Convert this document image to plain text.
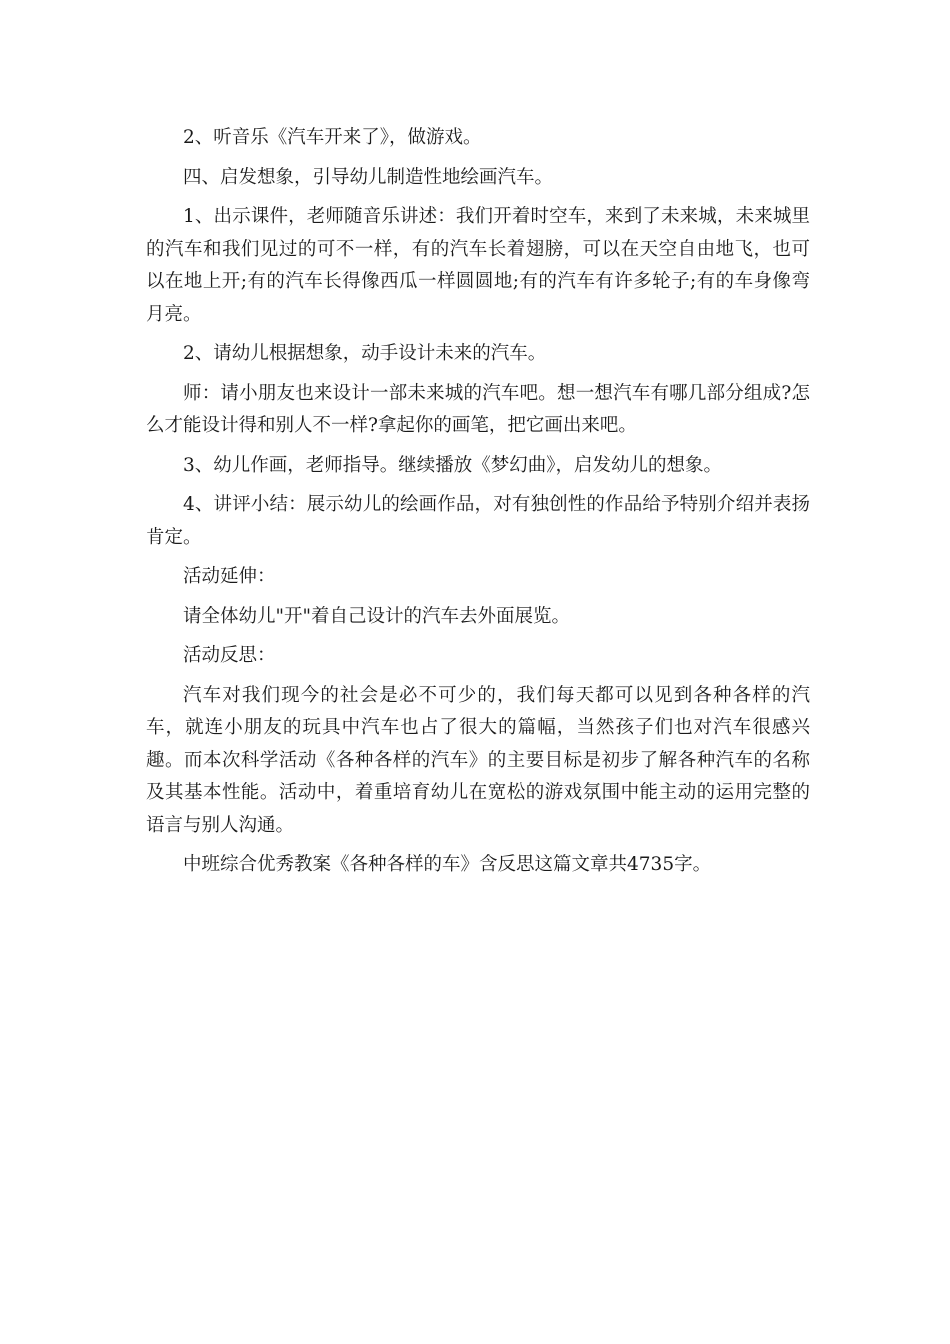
2、听音乐《汽车开来了》，做游戏。

四、启发想象，引导幼儿制造性地绘画汽车。

1、出示课件，老师随音乐讲述：我们开着时空车，来到了未来城，未来城里的汽车和我们见过的可不一样，有的汽车长着翅膀，可以在天空自由地飞，也可以在地上开;有的汽车长得像西瓜一样圆圆地;有的汽车有许多轮子;有的车身像弯月亮。

2、请幼儿根据想象，动手设计未来的汽车。

师：请小朋友也来设计一部未来城的汽车吧。想一想汽车有哪几部分组成?怎么才能设计得和别人不一样?拿起你的画笔，把它画出来吧。

3、幼儿作画，老师指导。继续播放《梦幻曲》，启发幼儿的想象。

4、讲评小结：展示幼儿的绘画作品，对有独创性的作品给予特别介绍并表扬肯定。

活动延伸：

请全体幼儿"开"着自己设计的汽车去外面展览。

活动反思：

汽车对我们现今的社会是必不可少的，我们每天都可以见到各种各样的汽车，就连小朋友的玩具中汽车也占了很大的篇幅，当然孩子们也对汽车很感兴趣。而本次科学活动《各种各样的汽车》的主要目标是初步了解各种汽车的名称及其基本性能。活动中，着重培育幼儿在宽松的游戏氛围中能主动的运用完整的语言与别人沟通。

中班综合优秀教案《各种各样的车》含反思这篇文章共4735字。
